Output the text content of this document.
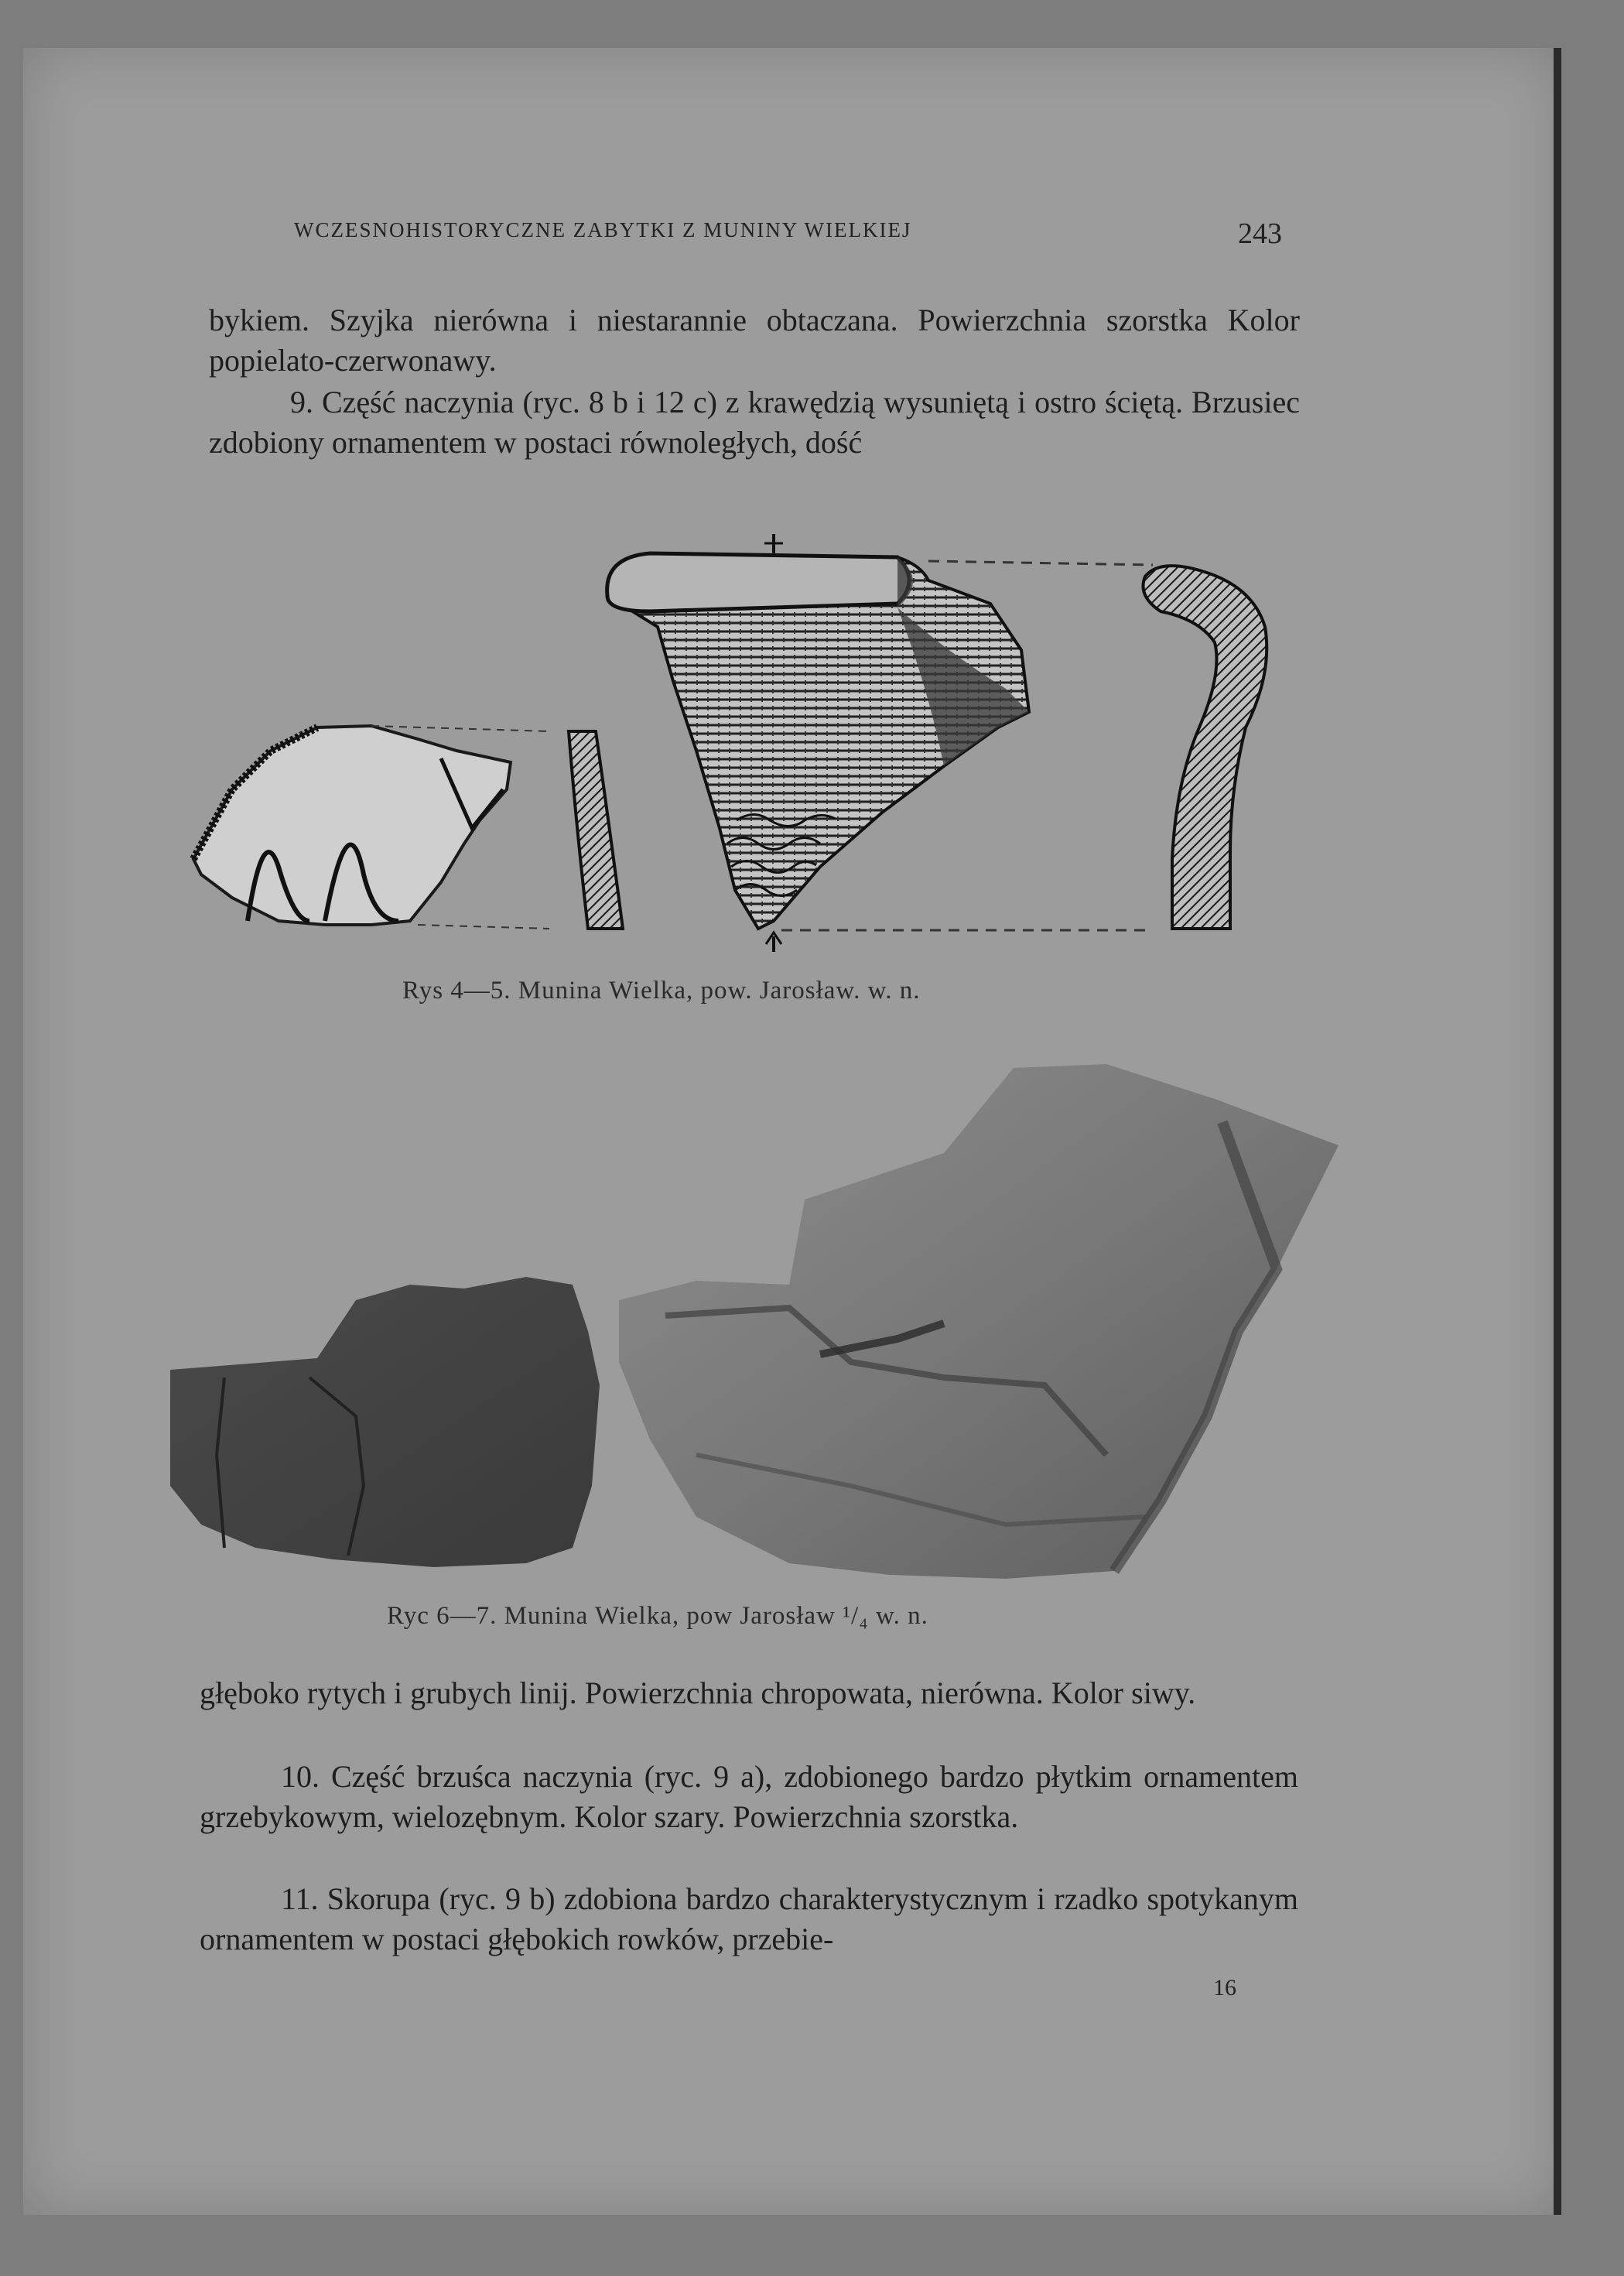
WCZESNOHISTORYCZNE ZABYTKI Z MUNINY WIELKIEJ	243
bykiem. Szyjka nierówna i niestarannie obtaczana. Powierzchnia szorstka Kolor popielato-czerwonawy.
9. Część naczynia (ryc. 8 b i 12 c) z krawędzią wysuniętą i ostro ściętą. Brzusiec zdobiony ornamentem w postaci równoległych, dość
Rys 4—5. Munina Wielka, pow. Jarosław. w. n.
Ryc 6—7. Munina Wielka, pow Jarosław ¹/₄ w. n.
głęboko rytych i grubych linij. Powierzchnia chropowata, nierówna. Kolor siwy.
10. Część brzuśca naczynia (ryc. 9 a), zdobionego bardzo płytkim ornamentem grzebykowym, wielozębnym. Kolor szary. Powierzchnia szorstka.
11. Skorupa (ryc. 9 b) zdobiona bardzo charakterystycznym i rzadko spotykanym ornamentem w postaci głębokich rowków, przebie-
16
